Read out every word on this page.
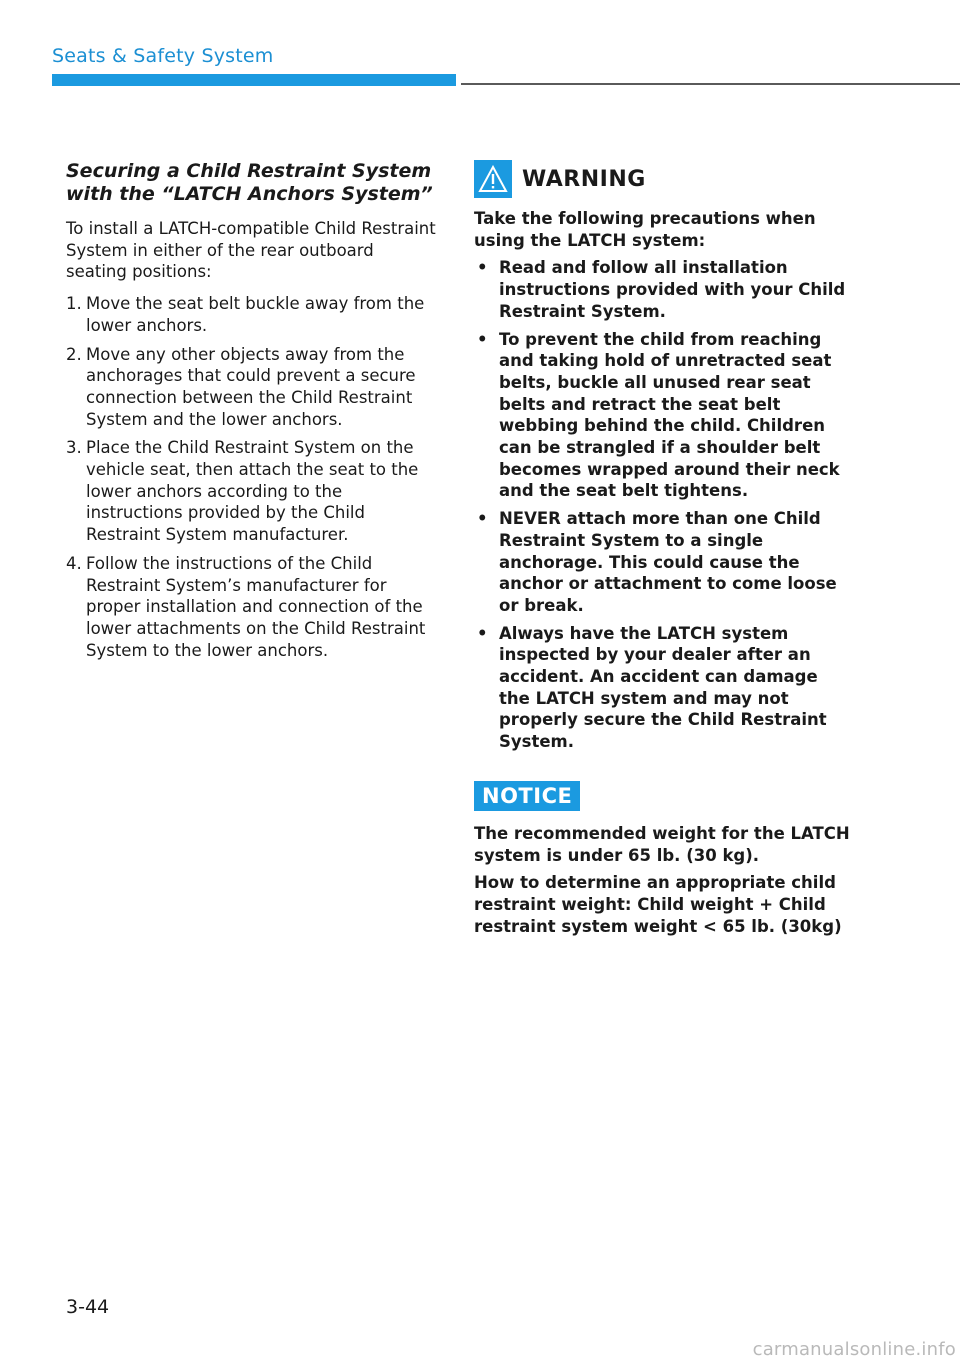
Seats & Safety System
Securing a Child Restraint System
with the “LATCH Anchors System”

To install a LATCH-compatible Child Restraint System in either of the rear outboard seating positions:

1. Move the seat belt buckle away from the lower anchors.
2. Move any other objects away from the anchorages that could prevent a secure connection between the Child Restraint System and the lower anchors.
3. Place the Child Restraint System on the vehicle seat, then attach the seat to the lower anchors according to the instructions provided by the Child Restraint System manufacturer.
4. Follow the instructions of the Child Restraint System’s manufacturer for proper installation and connection of the lower attachments on the Child Restraint System to the lower anchors.
WARNING

Take the following precautions when using the LATCH system:

• Read and follow all installation instructions provided with your Child Restraint System.
• To prevent the child from reaching and taking hold of unretracted seat belts, buckle all unused rear seat belts and retract the seat belt webbing behind the child. Children can be strangled if a shoulder belt becomes wrapped around their neck and the seat belt tightens.
• NEVER attach more than one Child Restraint System to a single anchorage. This could cause the anchor or attachment to come loose or break.
• Always have the LATCH system inspected by your dealer after an accident. An accident can damage the LATCH system and may not properly secure the Child Restraint System.
NOTICE

The recommended weight for the LATCH system is under 65 lb. (30 kg).

How to determine an appropriate child restraint weight: Child weight + Child restraint system weight < 65 lb. (30kg)

3-44
carmanualsonline.info
